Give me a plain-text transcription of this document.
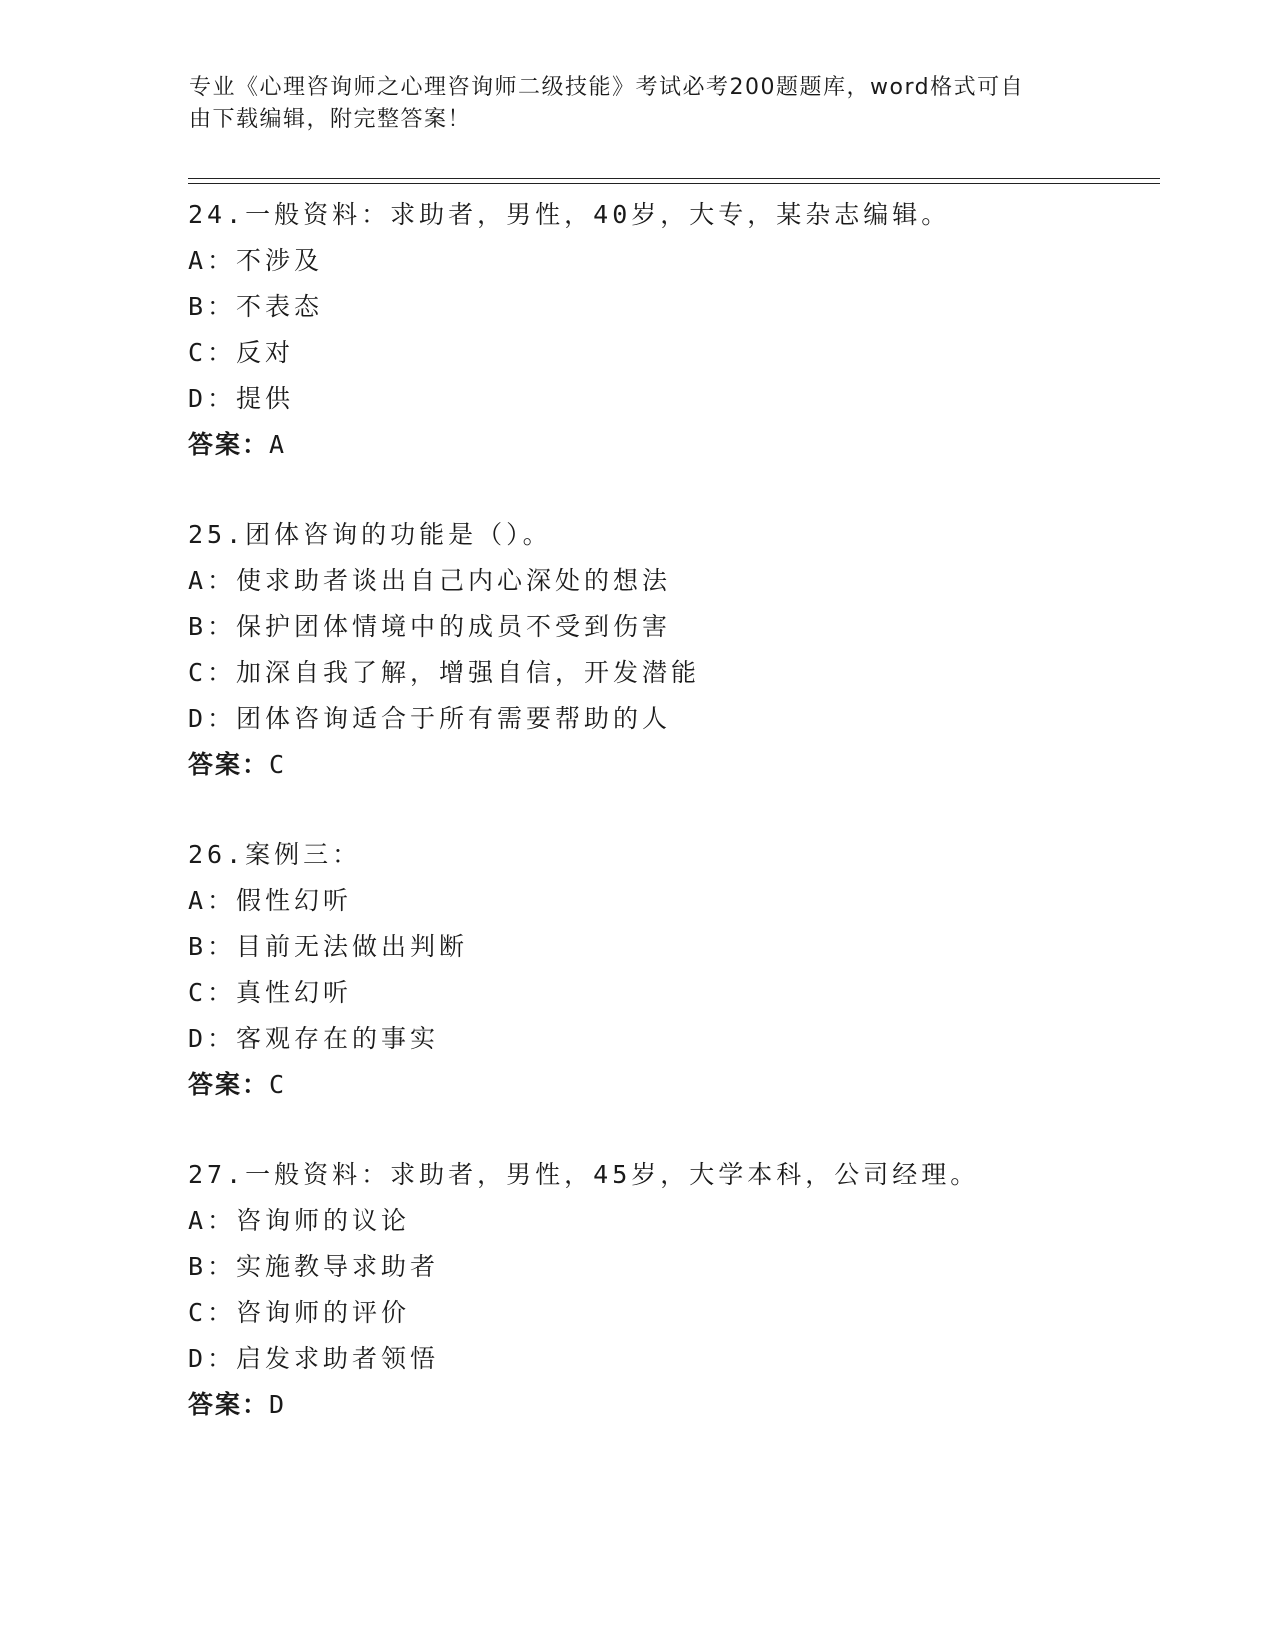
专业《心理咨询师之心理咨询师二级技能》考试必考200题题库，word格式可自
由下载编辑，附完整答案！
24.一般资料：求助者，男性，40岁，大专，某杂志编辑。
A：不涉及
B：不表态
C：反对
D：提供
答案：A
25.团体咨询的功能是（）。
A：使求助者谈出自己内心深处的想法
B：保护团体情境中的成员不受到伤害
C：加深自我了解，增强自信，开发潜能
D：团体咨询适合于所有需要帮助的人
答案：C
26.案例三：
A：假性幻听
B：目前无法做出判断
C：真性幻听
D：客观存在的事实
答案：C
27.一般资料：求助者，男性，45岁，大学本科，公司经理。
A：咨询师的议论
B：实施教导求助者
C：咨询师的评价
D：启发求助者领悟
答案：D
